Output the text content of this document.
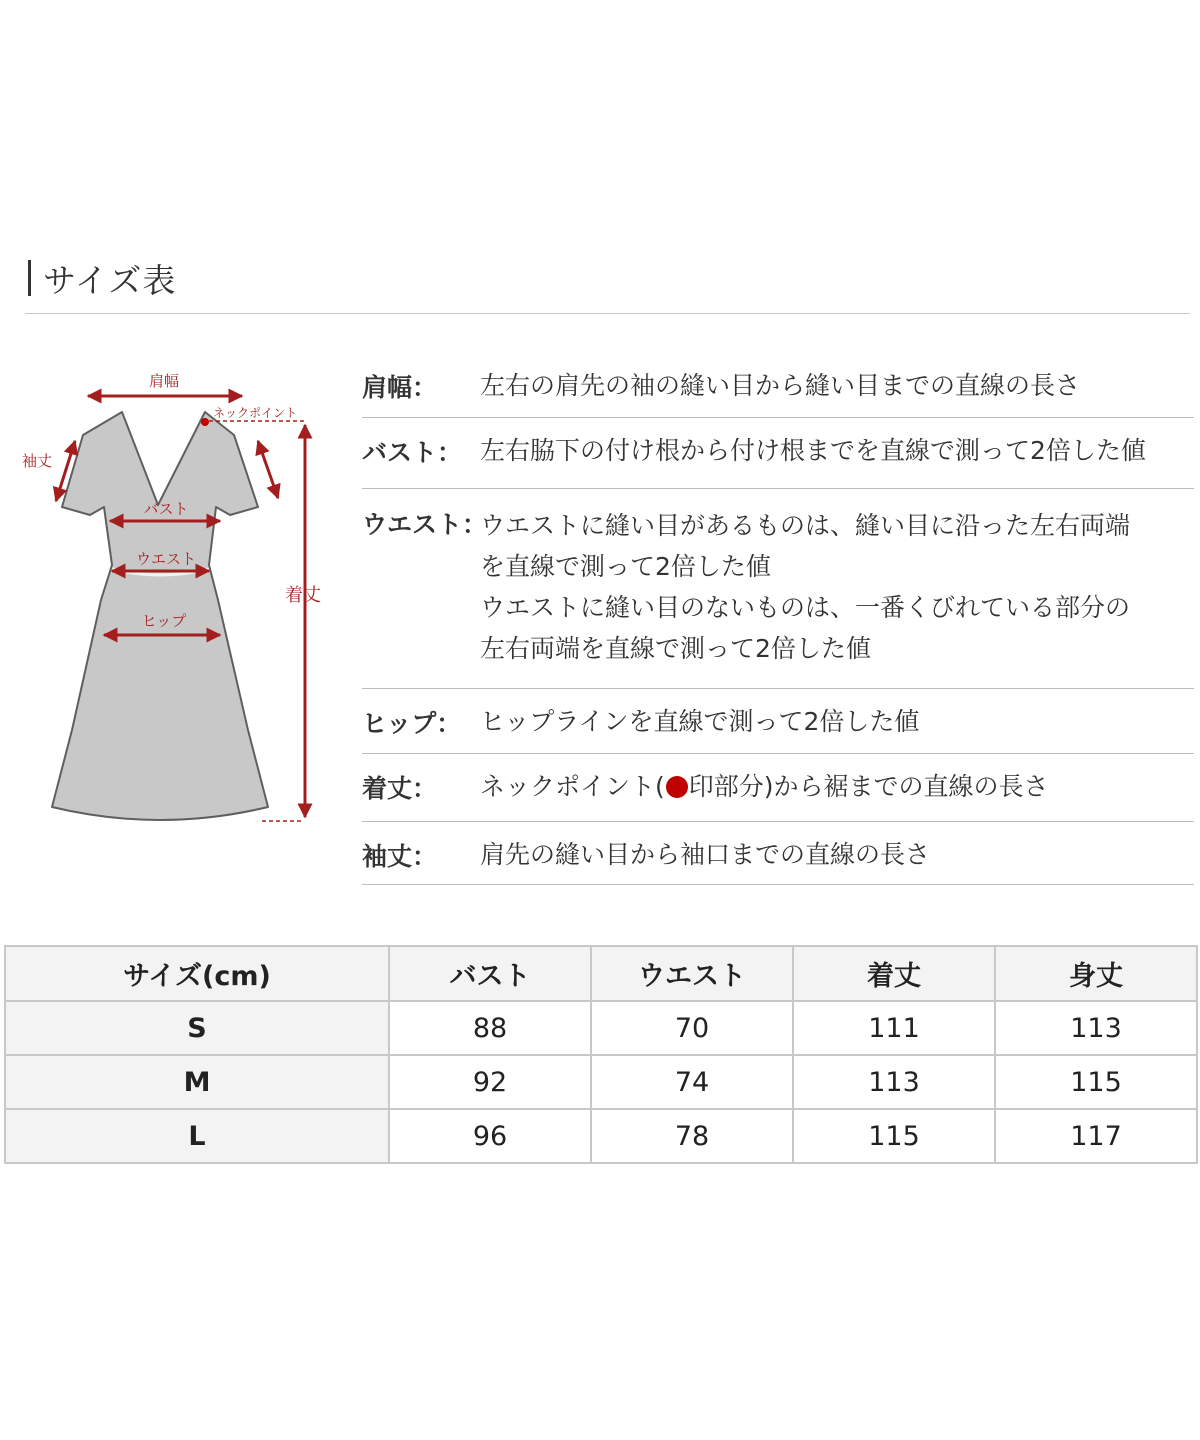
サイズ表
肩幅
ネックポイント
袖丈
バスト
ウエスト
ヒップ
着丈
肩幅：	左右の肩先の袖の縫い目から縫い目までの直線の長さ
バスト： 左右脇下の付け根から付け根までを直線で測って2倍した値
ウエスト：
ウエストに縫い目があるものは、縫い目に沿った左右両端
を直線で測って2倍した値
ウエストに縫い目のないものは、一番くびれている部分の
左右両端を直線で測って2倍した値
ヒップ： ヒップラインを直線で測って2倍した値
着丈：	ネックポイント( 印部分)から裾までの直線の長さ
袖丈：	肩先の縫い目から袖口までの直線の長さ
サイズ(cm)	バスト	ウエスト	着丈	身丈
S	88	70	111	113
M	92	74	113	115
L	96	78	115	117
